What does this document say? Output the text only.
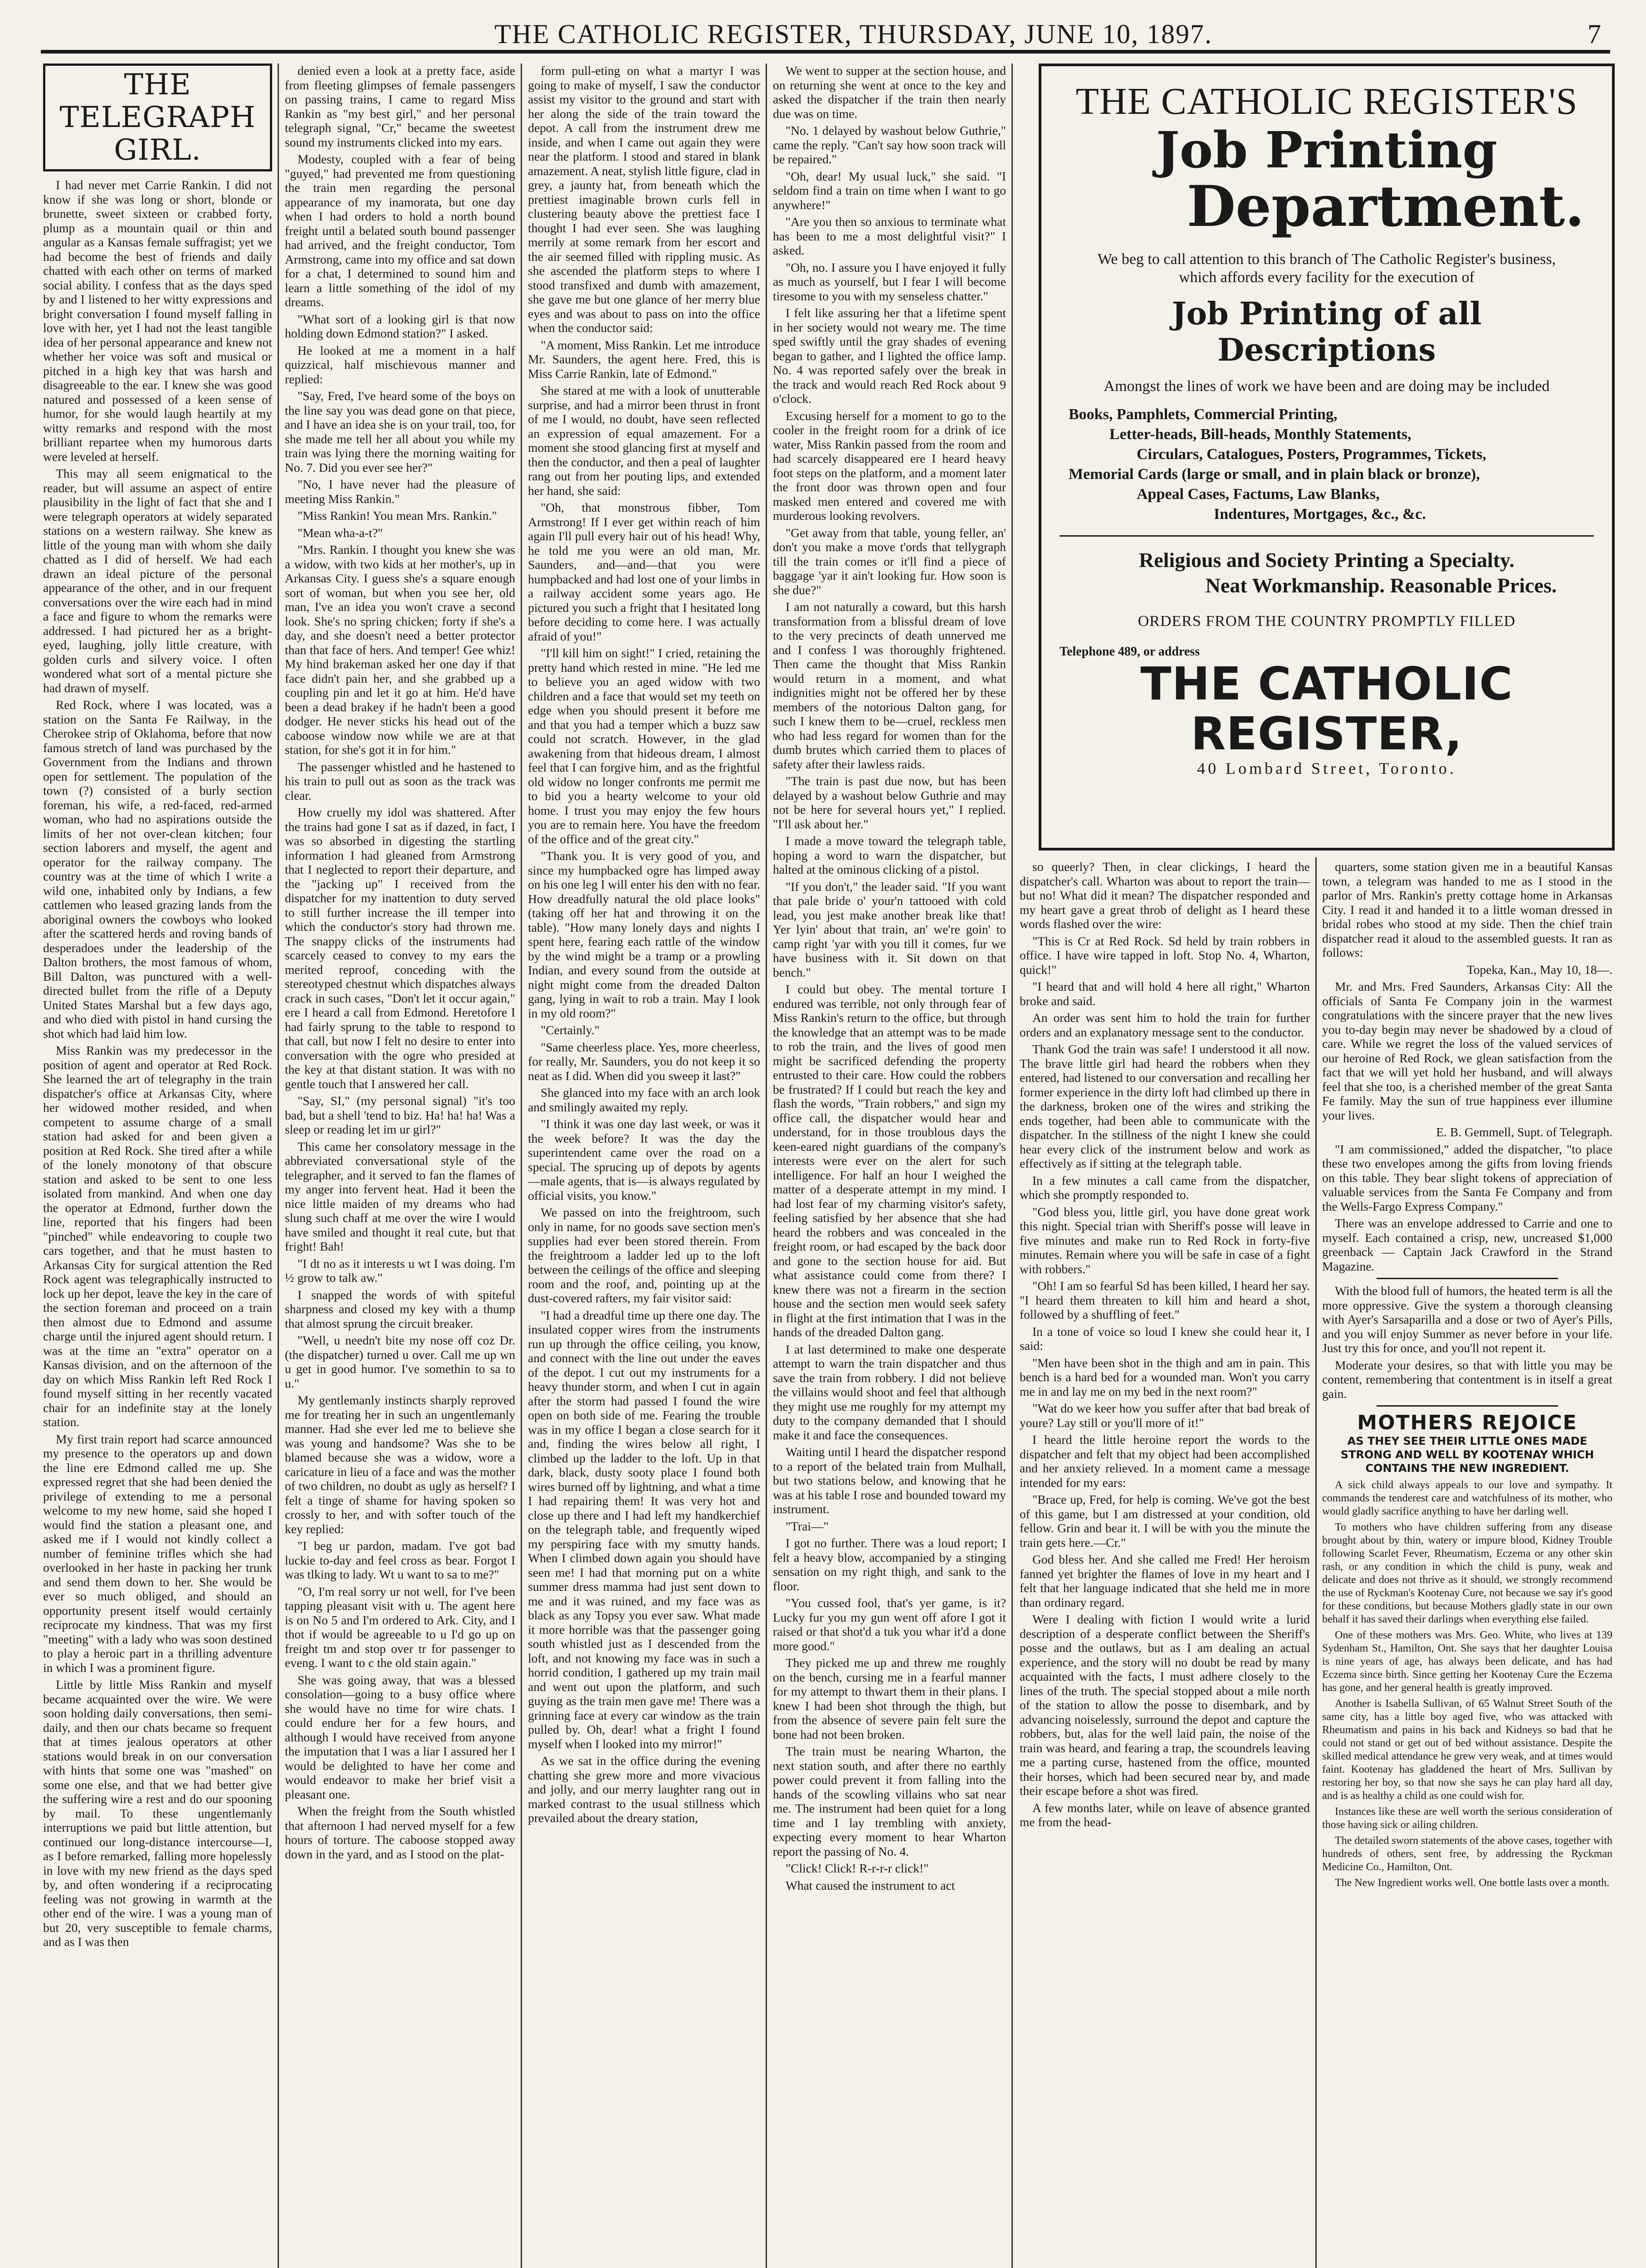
THE CATHOLIC REGISTER, THURSDAY, JUNE 10, 1897.	7
THE TELEGRAPH GIRL.

I had never met Carrie Rankin. I did not know if she was long or short, blonde or brunette, sweet sixteen or crabbed forty, plump as a mountain quail or thin and angular as a Kansas female suffragist; yet we had become the best of friends and daily chatted with each other on terms of marked social ability. I confess that as the days sped by and I listened to her witty expressions and bright conversation I found myself falling in love with her, yet I had not the least tangible idea of her personal appearance and knew not whether her voice was soft and musical or pitched in a high key that was harsh and disagreeable to the ear. I knew she was good natured and possessed of a keen sense of humor, for she would laugh heartily at my witty remarks and respond with the most brilliant repartee when my humorous darts were leveled at herself.

This may all seem enigmatical to the reader, but will assume an aspect of entire plausibility in the light of fact that she and I were telegraph operators at widely separated stations on a western railway. She knew as little of the young man with whom she daily chatted as I did of herself. We had each drawn an ideal picture of the personal appearance of the other, and in our frequent conversations over the wire each had in mind a face and figure to whom the remarks were addressed. I had pictured her as a bright-eyed, laughing, jolly little creature, with golden curls and silvery voice. I often wondered what sort of a mental picture she had drawn of myself.

Red Rock, where I was located, was a station on the Santa Fe Railway, in the Cherokee strip of Oklahoma, before that now famous stretch of land was purchased by the Government from the Indians and thrown open for settlement. The population of the town (?) consisted of a burly section foreman, his wife, a red-faced, red-armed woman, who had no aspirations outside the limits of her not over-clean kitchen; four section laborers and myself, the agent and operator for the railway company. The country was at the time of which I write a wild one, inhabited only by Indians, a few cattlemen who leased grazing lands from the aboriginal owners the cowboys who looked after the scattered herds and roving bands of desperadoes under the leadership of the Dalton brothers, the most famous of whom, Bill Dalton, was punctured with a well-directed bullet from the rifle of a Deputy United States Marshal but a few days ago, and who died with pistol in hand cursing the shot which had laid him low.

Miss Rankin was my predecessor in the position of agent and operator at Red Rock. She learned the art of telegraphy in the train dispatcher's office at Arkansas City, where her widowed mother resided, and when competent to assume charge of a small station had asked for and been given a position at Red Rock. She tired after a while of the lonely monotony of that obscure station and asked to be sent to one less isolated from mankind. And when one day the operator at Edmond, further down the line, reported that his fingers had been "pinched" while endeavoring to couple two cars together, and that he must hasten to Arkansas City for surgical attention the Red Rock agent was telegraphically instructed to lock up her depot, leave the key in the care of the section foreman and proceed on a train then almost due to Edmond and assume charge until the injured agent should return. I was at the time an "extra" operator on a Kansas division, and on the afternoon of the day on which Miss Rankin left Red Rock I found myself sitting in her recently vacated chair for an indefinite stay at the lonely station.

My first train report had scarce announced my presence to the operators up and down the line ere Edmond called me up. She expressed regret that she had been denied the privilege of extending to me a personal welcome to my new home, said she hoped I would find the station a pleasant one, and asked me if I would not kindly collect a number of feminine trifles which she had overlooked in her haste in packing her trunk and send them down to her. She would be ever so much obliged, and should an opportunity present itself would certainly reciprocate my kindness. That was my first "meeting" with a lady who was soon destined to play a heroic part in a thrilling adventure in which I was a prominent figure.

Little by little Miss Rankin and myself became acquainted over the wire. We were soon holding daily conversations, then semi-daily, and then our chats became so frequent that at times jealous operators at other stations would break in on our conversation with hints that some one was "mashed" on some one else, and that we had better give the suffering wire a rest and do our spooning by mail. To these ungentlemanly interruptions we paid but little attention, but continued our long-distance intercourse—I, as I before remarked, falling more hopelessly in love with my new friend as the days sped by, and often wondering if a reciprocating feeling was not growing in warmth at the other end of the wire. I was a young man of but 20, very susceptible to female charms, and as I was then

denied even a look at a pretty face, aside from fleeting glimpses of female passengers on passing trains, I came to regard Miss Rankin as "my best girl," and her personal telegraph signal, "Cr," became the sweetest sound my instruments clicked into my ears.

Modesty, coupled with a fear of being "guyed," had prevented me from questioning the train men regarding the personal appearance of my inamorata, but one day when I had orders to hold a north bound freight until a belated south bound passenger had arrived, and the freight conductor, Tom Armstrong, came into my office and sat down for a chat, I determined to sound him and learn a little something of the idol of my dreams.

"What sort of a looking girl is that now holding down Edmond station?" I asked.

He looked at me a moment in a half quizzical, half mischievous manner and replied:

"Say, Fred, I've heard some of the boys on the line say you was dead gone on that piece, and I have an idea she is on your trail, too, for she made me tell her all about you while my train was lying there the morning waiting for No. 7. Did you ever see her?"

"No, I have never had the pleasure of meeting Miss Rankin."

"Miss Rankin! You mean Mrs. Rankin."

"Mean wha-a-t?"

"Mrs. Rankin. I thought you knew she was a widow, with two kids at her mother's, up in Arkansas City. I guess she's a square enough sort of woman, but when you see her, old man, I've an idea you won't crave a second look. She's no spring chicken; forty if she's a day, and she doesn't need a better protector than that face of hers. And temper! Gee whiz! My hind brakeman asked her one day if that face didn't pain her, and she grabbed up a coupling pin and let it go at him. He'd have been a dead brakey if he hadn't been a good dodger. He never sticks his head out of the caboose window now while we are at that station, for she's got it in for him."

The passenger whistled and he hastened to his train to pull out as soon as the track was clear.

How cruelly my idol was shattered. After the trains had gone I sat as if dazed, in fact, I was so absorbed in digesting the startling information I had gleaned from Armstrong that I neglected to report their departure, and the "jacking up" I received from the dispatcher for my inattention to duty served to still further increase the ill temper into which the conductor's story had thrown me. The snappy clicks of the instruments had scarcely ceased to convey to my ears the merited reproof, conceding with the stereotyped chestnut which dispatches always crack in such cases, "Don't let it occur again," ere I heard a call from Edmond. Heretofore I had fairly sprung to the table to respond to that call, but now I felt no desire to enter into conversation with the ogre who presided at the key at that distant station. It was with no gentle touch that I answered her call.

"Say, SI," (my personal signal) "it's too bad, but a shell 'tend to biz. Ha! ha! ha! Was a sleep or reading let im ur girl?"

This came her consolatory message in the abbreviated conversational style of the telegrapher, and it served to fan the flames of my anger into fervent heat. Had it been the nice little maiden of my dreams who had slung such chaff at me over the wire I would have smiled and thought it real cute, but that fright! Bah!

"I dt no as it interests u wt I was doing. I'm ½ grow to talk aw."

I snapped the words of with spiteful sharpness and closed my key with a thump that almost sprung the circuit breaker.

"Well, u needn't bite my nose off coz Dr. (the dispatcher) turned u over. Call me up wn u get in good humor. I've somethin to sa to u."

My gentlemanly instincts sharply reproved me for treating her in such an ungentlemanly manner. Had she ever led me to believe she was young and handsome? Was she to be blamed because she was a widow, wore a caricature in lieu of a face and was the mother of two children, no doubt as ugly as herself? I felt a tinge of shame for having spoken so crossly to her, and with softer touch of the key replied:

"I beg ur pardon, madam. I've got bad luckie to-day and feel cross as bear. Forgot I was tlking to lady. Wt u want to sa to me?"

"O, I'm real sorry ur not well, for I've been tapping pleasant visit with u. The agent here is on No 5 and I'm ordered to Ark. City, and I thot if would be agreeable to u I'd go up on freight tm and stop over tr for passenger to eveng. I want to c the old stain again."

She was going away, that was a blessed consolation—going to a busy office where she would have no time for wire chats. I could endure her for a few hours, and although I would have received from anyone the imputation that I was a liar I assured her I would be delighted to have her come and would endeavor to make her brief visit a pleasant one.

When the freight from the South whistled that afternoon I had nerved myself for a few hours of torture. The caboose stopped away down in the yard, and as I stood on the plat-

form pull-eting on what a martyr I was going to make of myself, I saw the conductor assist my visitor to the ground and start with her along the side of the train toward the depot. A call from the instrument drew me inside, and when I came out again they were near the platform. I stood and stared in blank amazement. A neat, stylish little figure, clad in grey, a jaunty hat, from beneath which the prettiest imaginable brown curls fell in clustering beauty above the prettiest face I thought I had ever seen. She was laughing merrily at some remark from her escort and the air seemed filled with rippling music. As she ascended the platform steps to where I stood transfixed and dumb with amazement, she gave me but one glance of her merry blue eyes and was about to pass on into the office when the conductor said:

"A moment, Miss Rankin. Let me introduce Mr. Saunders, the agent here. Fred, this is Miss Carrie Rankin, late of Edmond."

She stared at me with a look of unutterable surprise, and had a mirror been thrust in front of me I would, no doubt, have seen reflected an expression of equal amazement. For a moment she stood glancing first at myself and then the conductor, and then a peal of laughter rang out from her pouting lips, and extended her hand, she said:

"Oh, that monstrous fibber, Tom Armstrong! If I ever get within reach of him again I'll pull every hair out of his head! Why, he told me you were an old man, Mr. Saunders, and—and—that you were humpbacked and had lost one of your limbs in a railway accident some years ago. He pictured you such a fright that I hesitated long before deciding to come here. I was actually afraid of you!"

"I'll kill him on sight!" I cried, retaining the pretty hand which rested in mine. "He led me to believe you an aged widow with two children and a face that would set my teeth on edge when you should present it before me and that you had a temper which a buzz saw could not scratch. However, in the glad awakening from that hideous dream, I almost feel that I can forgive him, and as the frightful old widow no longer confronts me permit me to bid you a hearty welcome to your old home. I trust you may enjoy the few hours you are to remain here. You have the freedom of the office and of the great city."

"Thank you. It is very good of you, and since my humpbacked ogre has limped away on his one leg I will enter his den with no fear. How dreadfully natural the old place looks" (taking off her hat and throwing it on the table). "How many lonely days and nights I spent here, fearing each rattle of the window by the wind might be a tramp or a prowling Indian, and every sound from the outside at night might come from the dreaded Dalton gang, lying in wait to rob a train. May I look in my old room?"

"Certainly."

"Same cheerless place. Yes, more cheerless, for really, Mr. Saunders, you do not keep it so neat as I did. When did you sweep it last?"

She glanced into my face with an arch look and smilingly awaited my reply.

"I think it was one day last week, or was it the week before? It was the day the superintendent came over the road on a special. The sprucing up of depots by agents—male agents, that is—is always regulated by official visits, you know."

We passed on into the freightroom, such only in name, for no goods save section men's supplies had ever been stored therein. From the freightroom a ladder led up to the loft between the ceilings of the office and sleeping room and the roof, and, pointing up at the dust-covered rafters, my fair visitor said:

"I had a dreadful time up there one day. The insulated copper wires from the instruments run up through the office ceiling, you know, and connect with the line out under the eaves of the depot. I cut out my instruments for a heavy thunder storm, and when I cut in again after the storm had passed I found the wire open on both side of me. Fearing the trouble was in my office I began a close search for it and, finding the wires below all right, I climbed up the ladder to the loft. Up in that dark, black, dusty sooty place I found both wires burned off by lightning, and what a time I had repairing them! It was very hot and close up there and I had left my handkerchief on the telegraph table, and frequently wiped my perspiring face with my smutty hands. When I climbed down again you should have seen me! I had that morning put on a white summer dress mamma had just sent down to me and it was ruined, and my face was as black as any Topsy you ever saw. What made it more horrible was that the passenger going south whistled just as I descended from the loft, and not knowing my face was in such a horrid condition, I gathered up my train mail and went out upon the platform, and such guying as the train men gave me! There was a grinning face at every car window as the train pulled by. Oh, dear! what a fright I found myself when I looked into my mirror!"

As we sat in the office during the evening chatting she grew more and more vivacious and jolly, and our merry laughter rang out in marked contrast to the usual stillness which prevailed about the dreary station,

We went to supper at the section house, and on returning she went at once to the key and asked the dispatcher if the train then nearly due was on time.

"No. 1 delayed by washout below Guthrie," came the reply. "Can't say how soon track will be repaired."

"Oh, dear! My usual luck," she said. "I seldom find a train on time when I want to go anywhere!"

"Are you then so anxious to terminate what has been to me a most delightful visit?" I asked.

"Oh, no. I assure you I have enjoyed it fully as much as yourself, but I fear I will become tiresome to you with my senseless chatter."

I felt like assuring her that a lifetime spent in her society would not weary me. The time sped swiftly until the gray shades of evening began to gather, and I lighted the office lamp. No. 4 was reported safely over the break in the track and would reach Red Rock about 9 o'clock.

Excusing herself for a moment to go to the cooler in the freight room for a drink of ice water, Miss Rankin passed from the room and had scarcely disappeared ere I heard heavy foot steps on the platform, and a moment later the front door was thrown open and four masked men entered and covered me with murderous looking revolvers.

"Get away from that table, young feller, an' don't you make a move t'ords that tellygraph till the train comes or it'll find a piece of baggage 'yar it ain't looking fur. How soon is she due?"

I am not naturally a coward, but this harsh transformation from a blissful dream of love to the very precincts of death unnerved me and I confess I was thoroughly frightened. Then came the thought that Miss Rankin would return in a moment, and what indignities might not be offered her by these members of the notorious Dalton gang, for such I knew them to be—cruel, reckless men who had less regard for women than for the dumb brutes which carried them to places of safety after their lawless raids.

"The train is past due now, but has been delayed by a washout below Guthrie and may not be here for several hours yet," I replied. "I'll ask about her."

I made a move toward the telegraph table, hoping a word to warn the dispatcher, but halted at the ominous clicking of a pistol.

"If you don't," the leader said. "If you want that pale bride o' your'n tattooed with cold lead, you jest make another break like that! Yer lyin' about that train, an' we're goin' to camp right 'yar with you till it comes, fur we have business with it. Sit down on that bench."

I could but obey. The mental torture I endured was terrible, not only through fear of Miss Rankin's return to the office, but through the knowledge that an attempt was to be made to rob the train, and the lives of good men might be sacrificed defending the property entrusted to their care. How could the robbers be frustrated? If I could but reach the key and flash the words, "Train robbers," and sign my office call, the dispatcher would hear and understand, for in those troublous days the keen-eared night guardians of the company's interests were ever on the alert for such intelligence. For half an hour I weighed the matter of a desperate attempt in my mind. I had lost fear of my charming visitor's safety, feeling satisfied by her absence that she had heard the robbers and was concealed in the freight room, or had escaped by the back door and gone to the section house for aid. But what assistance could come from there? I knew there was not a firearm in the section house and the section men would seek safety in flight at the first intimation that I was in the hands of the dreaded Dalton gang.

I at last determined to make one desperate attempt to warn the train dispatcher and thus save the train from robbery. I did not believe the villains would shoot and feel that although they might use me roughly for my attempt my duty to the company demanded that I should make it and face the consequences.

Waiting until I heard the dispatcher respond to a report of the belated train from Mulhall, but two stations below, and knowing that he was at his table I rose and bounded toward my instrument.

"Trai—"

I got no further. There was a loud report; I felt a heavy blow, accompanied by a stinging sensation on my right thigh, and sank to the floor.

"You cussed fool, that's yer game, is it? Lucky fur you my gun went off afore I got it raised or that shot'd a tuk you whar it'd a done more good."

They picked me up and threw me roughly on the bench, cursing me in a fearful manner for my attempt to thwart them in their plans. I knew I had been shot through the thigh, but from the absence of severe pain felt sure the bone had not been broken.

The train must be nearing Wharton, the next station south, and after there no earthly power could prevent it from falling into the hands of the scowling villains who sat near me. The instrument had been quiet for a long time and I lay trembling with anxiety, expecting every moment to hear Wharton report the passing of No. 4.

"Click! Click! R-r-r-r click!"

What caused the instrument to act

THE CATHOLIC REGISTER'S
Job Printing
Department.
We beg to call attention to this branch of The Catholic Register's business, which affords every facility for the execution of
Job Printing of all Descriptions
Amongst the lines of work we have been and are doing may be included
Books, Pamphlets, Commercial Printing,
Letter-heads, Bill-heads, Monthly Statements,
Circulars, Catalogues, Posters, Programmes, Tickets,
Memorial Cards (large or small, and in plain black or bronze),
Appeal Cases, Factums, Law Blanks,
Indentures, Mortgages, &c., &c.
Religious and Society Printing a Specialty.
Neat Workmanship. Reasonable Prices.
ORDERS FROM THE COUNTRY PROMPTLY FILLED
Telephone 489, or address
THE CATHOLIC REGISTER,
40 Lombard Street, Toronto.

so queerly? Then, in clear clickings, I heard the dispatcher's call. Wharton was about to report the train—but no! What did it mean? The dispatcher responded and my heart gave a great throb of delight as I heard these words flashed over the wire:

"This is Cr at Red Rock. Sd held by train robbers in office. I have wire tapped in loft. Stop No. 4, Wharton, quick!"

"I heard that and will hold 4 here all right," Wharton broke and said.

An order was sent him to hold the train for further orders and an explanatory message sent to the conductor.

Thank God the train was safe! I understood it all now. The brave little girl had heard the robbers when they entered, had listened to our conversation and recalling her former experience in the dirty loft had climbed up there in the darkness, broken one of the wires and striking the ends together, had been able to communicate with the dispatcher. In the stillness of the night I knew she could hear every click of the instrument below and work as effectively as if sitting at the telegraph table.

In a few minutes a call came from the dispatcher, which she promptly responded to.

"God bless you, little girl, you have done great work this night. Special trian with Sheriff's posse will leave in five minutes and make run to Red Rock in forty-five minutes. Remain where you will be safe in case of a fight with robbers."

"Oh! I am so fearful Sd has been killed, I heard her say. "I heard them threaten to kill him and heard a shot, followed by a shuffling of feet."

In a tone of voice so loud I knew she could hear it, I said:

"Men have been shot in the thigh and am in pain. This bench is a hard bed for a wounded man. Won't you carry me in and lay me on my bed in the next room?"

"Wat do we keer how you suffer after that bad break of youre? Lay still or you'll more of it!"

I heard the little heroine report the words to the dispatcher and felt that my object had been accomplished and her anxiety relieved. In a moment came a message intended for my ears:

"Brace up, Fred, for help is coming. We've got the best of this game, but I am distressed at your condition, old fellow. Grin and bear it. I will be with you the minute the train gets here.—Cr."

God bless her. And she called me Fred! Her heroism fanned yet brighter the flames of love in my heart and I felt that her language indicated that she held me in more than ordinary regard.

Were I dealing with fiction I would write a lurid description of a desperate conflict between the Sheriff's posse and the outlaws, but as I am dealing an actual experience, and the story will no doubt be read by many acquainted with the facts, I must adhere closely to the lines of the truth. The special stopped about a mile north of the station to allow the posse to disembark, and by advancing noiselessly, surround the depot and capture the robbers, but, alas for the well laid pain, the noise of the train was heard, and fearing a trap, the scoundrels leaving me a parting curse, hastened from the office, mounted their horses, which had been secured near by, and made their escape before a shot was fired.

A few months later, while on leave of absence granted me from the head-

quarters, some station given me in a beautiful Kansas town, a telegram was handed to me as I stood in the parlor of Mrs. Rankin's pretty cottage home in Arkansas City. I read it and handed it to a little woman dressed in bridal robes who stood at my side. Then the chief train dispatcher read it aloud to the assembled guests. It ran as follows:

Topeka, Kan., May 10, 18—.

Mr. and Mrs. Fred Saunders, Arkansas City: All the officials of Santa Fe Company join in the warmest congratulations with the sincere prayer that the new lives you to-day begin may never be shadowed by a cloud of care. While we regret the loss of the valued services of our heroine of Red Rock, we glean satisfaction from the fact that we will yet hold her husband, and will always feel that she too, is a cherished member of the great Santa Fe family. May the sun of true happiness ever illumine your lives.

E. B. Gemmell, Supt. of Telegraph.

"I am commissioned," added the dispatcher, "to place these two envelopes among the gifts from loving friends on this table. They bear slight tokens of appreciation of valuable services from the Santa Fe Company and from the Wells-Fargo Express Company."

There was an envelope addressed to Carrie and one to myself. Each contained a crisp, new, uncreased $1,000 greenback — Captain Jack Crawford in the Strand Magazine.

With the blood full of humors, the heated term is all the more oppressive. Give the system a thorough cleansing with Ayer's Sarsaparilla and a dose or two of Ayer's Pills, and you will enjoy Summer as never before in your life. Just try this for once, and you'll not repent it.

Moderate your desires, so that with little you may be content, remembering that contentment is in itself a great gain.

MOTHERS REJOICE
AS THEY SEE THEIR LITTLE ONES MADE STRONG AND WELL BY KOOTENAY WHICH CONTAINS THE NEW INGREDIENT.

A sick child always appeals to our love and sympathy. It commands the tenderest care and watchfulness of its mother, who would gladly sacrifice anything to have her darling well.

To mothers who have children suffering from any disease brought about by thin, watery or impure blood, Kidney Trouble following Scarlet Fever, Rheumatism, Eczema or any other skin rash, or any condition in which the child is puny, weak and delicate and does not thrive as it should, we strongly recommend the use of Ryckman's Kootenay Cure, not because we say it's good for these conditions, but because Mothers gladly state in our own behalf it has saved their darlings when everything else failed.

One of these mothers was Mrs. Geo. White, who lives at 139 Sydenham St., Hamilton, Ont. She says that her daughter Louisa is nine years of age, has always been delicate, and has had Eczema since birth. Since getting her Kootenay Cure the Eczema has gone, and her general health is greatly improved.

Another is Isabella Sullivan, of 65 Walnut Street South of the same city, has a little boy aged five, who was attacked with Rheumatism and pains in his back and Kidneys so bad that he could not stand or get out of bed without assistance. Despite the skilled medical attendance he grew very weak, and at times would faint. Kootenay has gladdened the heart of Mrs. Sullivan by restoring her boy, so that now she says he can play hard all day, and is as healthy a child as one could wish for.

Instances like these are well worth the serious consideration of those having sick or ailing children.

The detailed sworn statements of the above cases, together with hundreds of others, sent free, by addressing the Ryckman Medicine Co., Hamilton, Ont.

The New Ingredient works well. One bottle lasts over a month.
